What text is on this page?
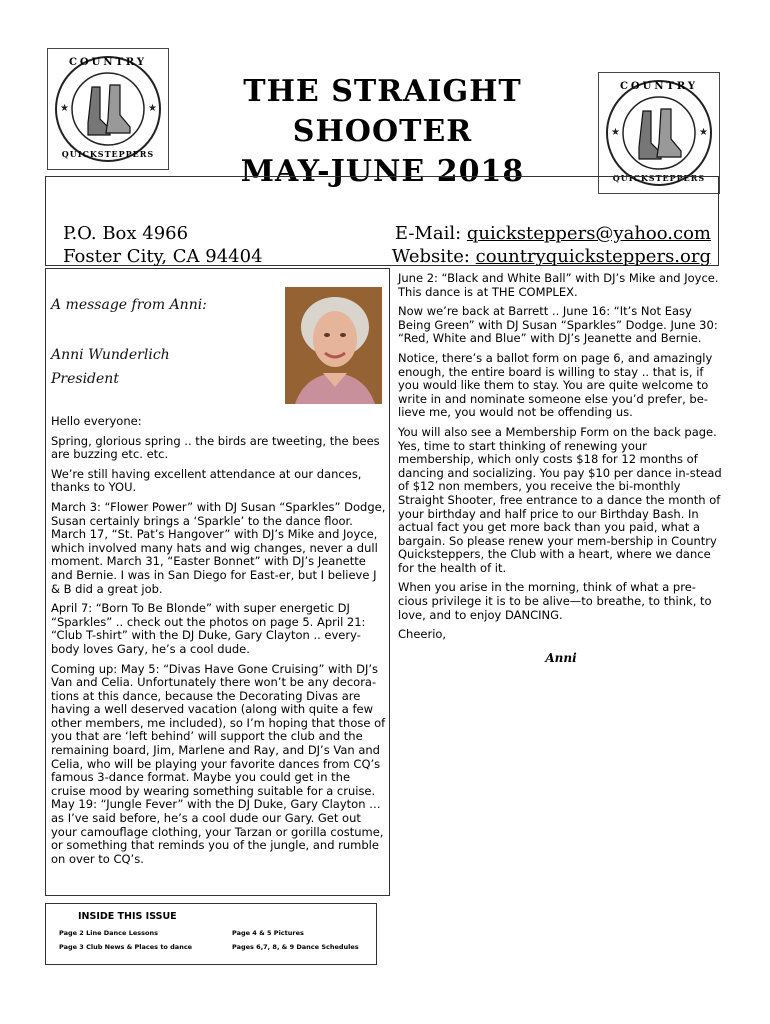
★	★
COUNTRY
QUICKSTEPPERS
THE STRAIGHT SHOOTER
MAY-JUNE 2018
★	★
COUNTRY
QUICKSTEPPERS
P.O. Box 4966
Foster City, CA 94404
E-Mail: quicksteppers@yahoo.com
Website: countryquicksteppers.org
A message from Anni:
Anni Wunderlich
President

Hello everyone:

Spring, glorious spring .. the birds are tweeting, the bees are buzzing etc. etc.

We’re still having excellent attendance at our dances, thanks to YOU.

March 3: “Flower Power” with DJ Susan “Sparkles” Dodge, Susan certainly brings a ‘Sparkle’ to the dance floor. March 17, “St. Pat’s Hangover” with DJ’s Mike and Joyce, which involved many hats and wig changes, never a dull moment. March 31, “Easter Bonnet” with DJ’s Jeanette and Bernie. I was in San Diego for East-er, but I believe J & B did a great job.

April 7: “Born To Be Blonde” with super energetic DJ “Sparkles” .. check out the photos on page 5. April 21: “Club T-shirt” with the DJ Duke, Gary Clayton .. every-body loves Gary, he’s a cool dude.

Coming up: May 5: “Divas Have Gone Cruising” with DJ’s Van and Celia. Unfortunately there won’t be any decora-tions at this dance, because the Decorating Divas are having a well deserved vacation (along with quite a few other members, me included), so I’m hoping that those of you that are ‘left behind’ will support the club and the remaining board, Jim, Marlene and Ray, and DJ’s Van and Celia, who will be playing your favorite dances from CQ’s famous 3-dance format. Maybe you could get in the cruise mood by wearing something suitable for a cruise. May 19: “Jungle Fever” with the DJ Duke, Gary Clayton … as I’ve said before, he’s a cool dude our Gary. Get out your camouflage clothing, your Tarzan or gorilla costume, or something that reminds you of the jungle, and rumble on over to CQ’s.

June 2: “Black and White Ball” with DJ’s Mike and Joyce. This dance is at THE COMPLEX.

Now we’re back at Barrett .. June 16: “It’s Not Easy Being Green” with DJ Susan “Sparkles” Dodge. June 30: “Red, White and Blue” with DJ’s Jeanette and Bernie.

Notice, there’s a ballot form on page 6, and amazingly enough, the entire board is willing to stay .. that is, if you would like them to stay. You are quite welcome to write in and nominate someone else you’d prefer, be-lieve me, you would not be offending us.

You will also see a Membership Form on the back page. Yes, time to start thinking of renewing your membership, which only costs $18 for 12 months of dancing and socializing. You pay $10 per dance in-stead of $12 non members, you receive the bi-monthly Straight Shooter, free entrance to a dance the month of your birthday and half price to our Birthday Bash. In actual fact you get more back than you paid, what a bargain. So please renew your mem-bership in Country Quicksteppers, the Club with a heart, where we dance for the health of it.

When you arise in the morning, think of what a pre-cious privilege it is to be alive—to breathe, to think, to love, and to enjoy DANCING.

Cheerio,

Anni
INSIDE THIS ISSUE
Page 2 Line Dance Lessons	Page 4 & 5 Pictures
Page 3 Club News & Places to dance	Pages 6,7, 8, & 9 Dance Schedules
